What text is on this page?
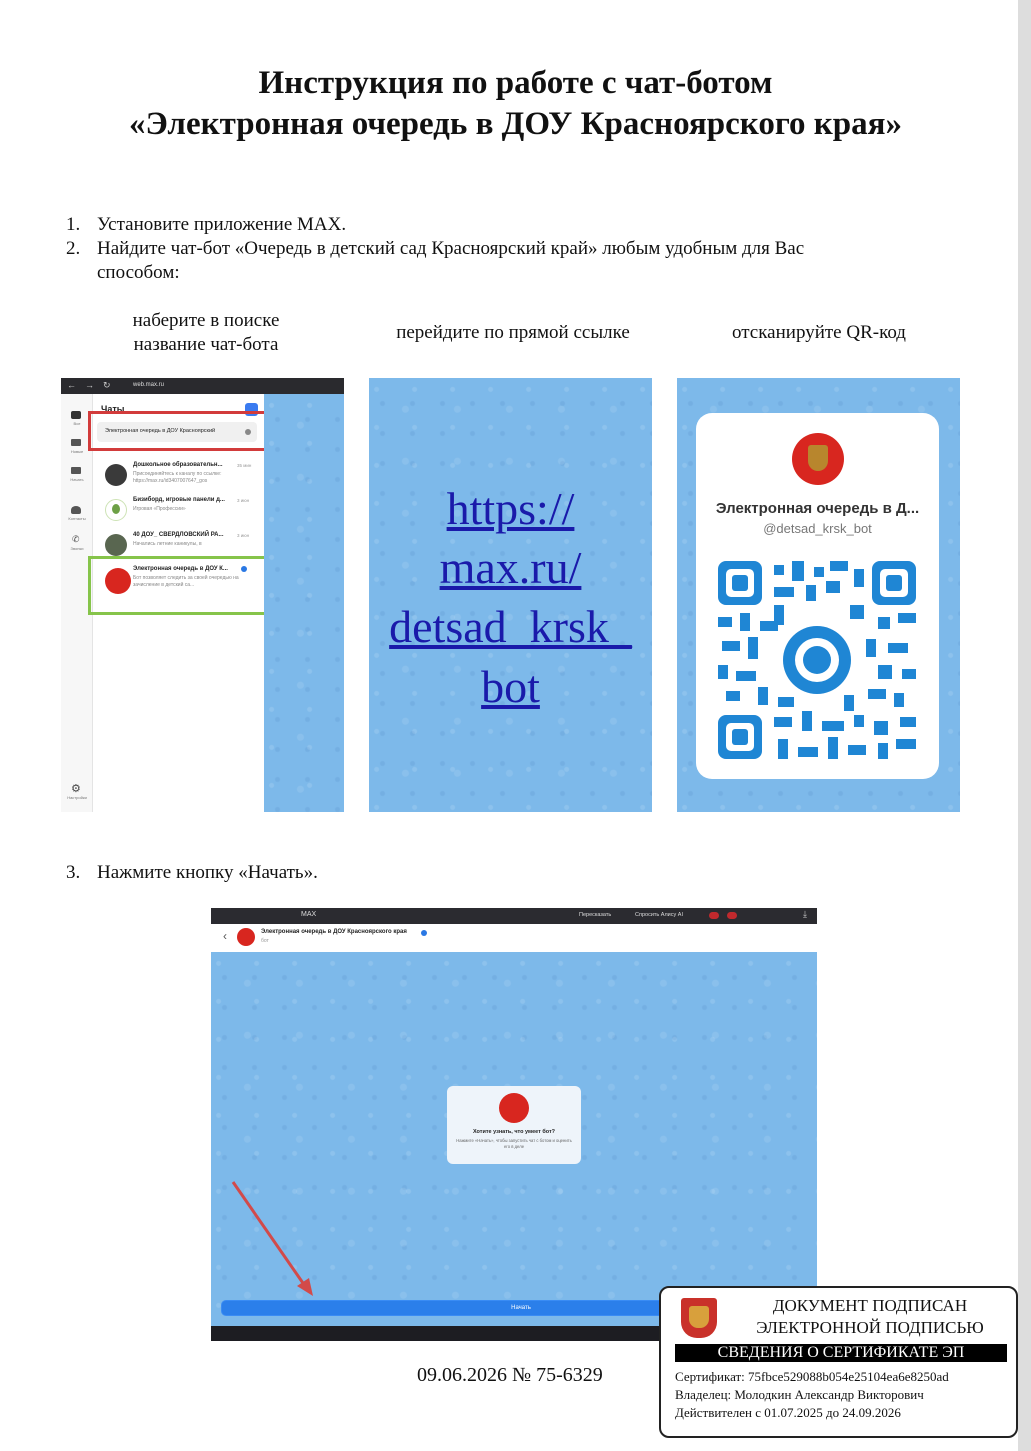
Инструкция по работе с чат-ботом
«Электронная очередь в ДОУ Красноярского края»
1. Установите приложение MAX.
2. Найдите чат-бот «Очередь в детский сад Красноярский край» любым удобным для Вас
способом:
наберите в поиске
название чат-бота
перейдите по прямой ссылке	отсканируйте QR-код
← → ↻	web.max.ru
Все
Новые
Начать
Контакты
✆
Звонки
⚙
Настройки
Чаты
Электронная очередь в ДОУ Красноярский
Дошкольное образовательн...	35 мин
Присоединяйтесь к каналу по ссылке: https://max.ru/id3407007647_gos
Бизиборд, игровые панели д...	3 июн
Игровая «Профессии»
40 ДОУ_ СВЕРДЛОВСКИЙ РА...	3 июн
Начались летние каникулы, в
Электронная очередь в ДОУ К...
Бот позволяет следить за своей очередью на зачисление в детский са...
https://
max.ru/
detsad_krsk_
bot
Электронная очередь в Д...
@detsad_krsk_bot
3. Нажмите кнопку «Начать».
MAX	Пересказать	Спросить Алису AI	⤓
‹	Электронная очередь в ДОУ Красноярского края
бот
Хотите узнать, что умеет бот?
Нажмите «Начать», чтобы запустить чат с ботом и оценить его в деле
Начать
09.06.2026 № 75-6329
ДОКУМЕНТ ПОДПИСАН
ЭЛЕКТРОННОЙ ПОДПИСЬЮ
СВЕДЕНИЯ О СЕРТИФИКАТЕ ЭП
Сертификат: 75fbce529088b054e25104ea6e8250ad
Владелец: Молодкин Александр Викторович
Действителен с 01.07.2025 до 24.09.2026
